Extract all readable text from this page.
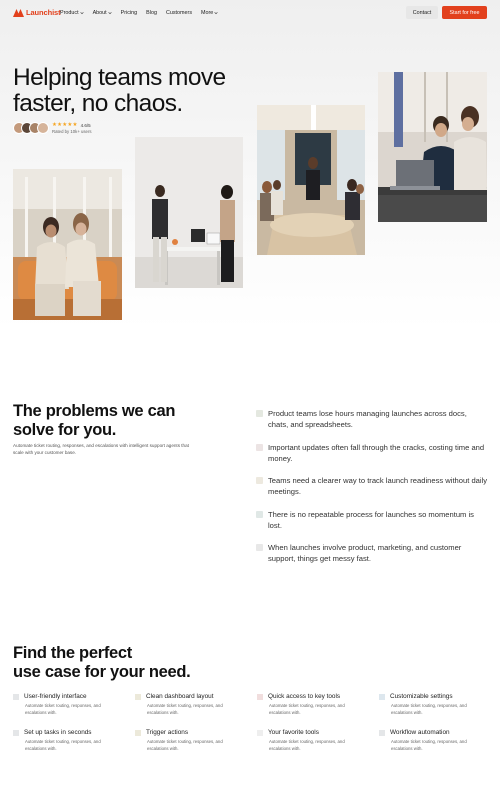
Launchist Product	About	Pricing Blog Customers More	Contact	Start for free
Helping teams move
faster, no chaos.
★★★★★ 4.6/5
Rated by 10k+ users
The problems we can
solve for you.

Automate ticket routing, responses, and escalations with intelligent support agents that scale with your customer base.

Product teams lose hours managing launches across docs, chats, and spreadsheets.
Important updates often fall through the cracks, costing time and money.
Teams need a clearer way to track launch readiness without daily meetings.
There is no repeatable process for launches so momentum is lost.
When launches involve product, marketing, and customer support, things get messy fast.
Find the perfect
use case for your need.
User-friendly interface
Automate ticket routing, responses, and escalations with.
Clean dashboard layout
Automate ticket routing, responses, and escalations with.
Quick access to key tools
Automate ticket routing, responses, and escalations with.
Customizable settings
Automate ticket routing, responses, and escalations with.
Set up tasks in seconds
Automate ticket routing, responses, and escalations with.
Trigger actions
Automate ticket routing, responses, and escalations with.
Your favorite tools
Automate ticket routing, responses, and escalations with.
Workflow automation
Automate ticket routing, responses, and escalations with.
